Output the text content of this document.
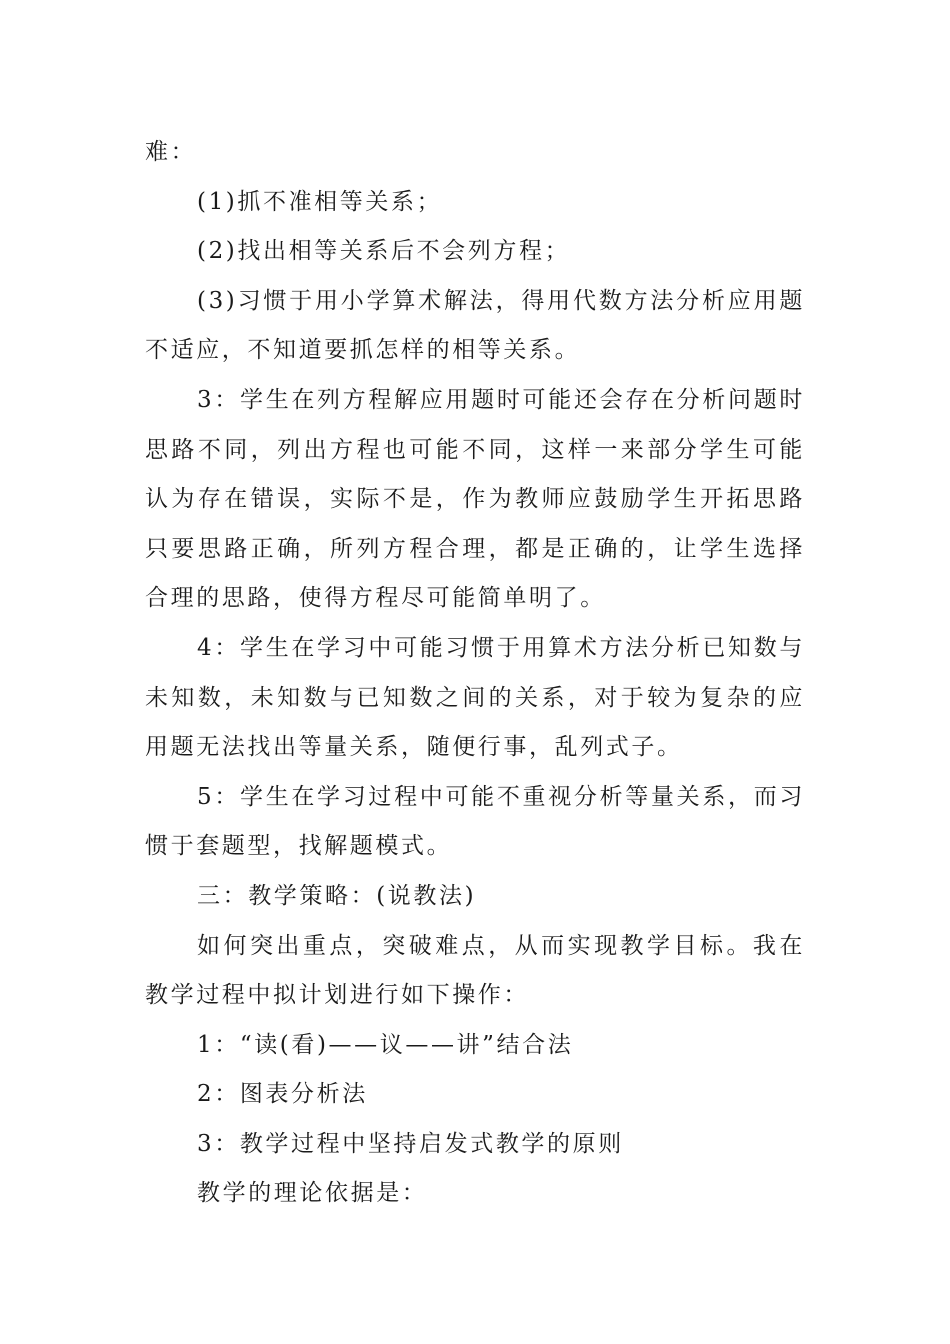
难：

(1)抓不准相等关系；

(2)找出相等关系后不会列方程；

(3)习惯于用小学算术解法，得用代数方法分析应用题不适应，不知道要抓怎样的相等关系。

3：学生在列方程解应用题时可能还会存在分析问题时思路不同，列出方程也可能不同，这样一来部分学生可能认为存在错误，实际不是，作为教师应鼓励学生开拓思路只要思路正确，所列方程合理，都是正确的，让学生选择合理的思路，使得方程尽可能简单明了。

4：学生在学习中可能习惯于用算术方法分析已知数与未知数，未知数与已知数之间的关系，对于较为复杂的应用题无法找出等量关系，随便行事，乱列式子。

5：学生在学习过程中可能不重视分析等量关系，而习惯于套题型，找解题模式。

三：教学策略：(说教法)

如何突出重点，突破难点，从而实现教学目标。我在教学过程中拟计划进行如下操作：

1：“读(看)——议——讲”结合法

2：图表分析法

3：教学过程中坚持启发式教学的原则

教学的理论依据是：
